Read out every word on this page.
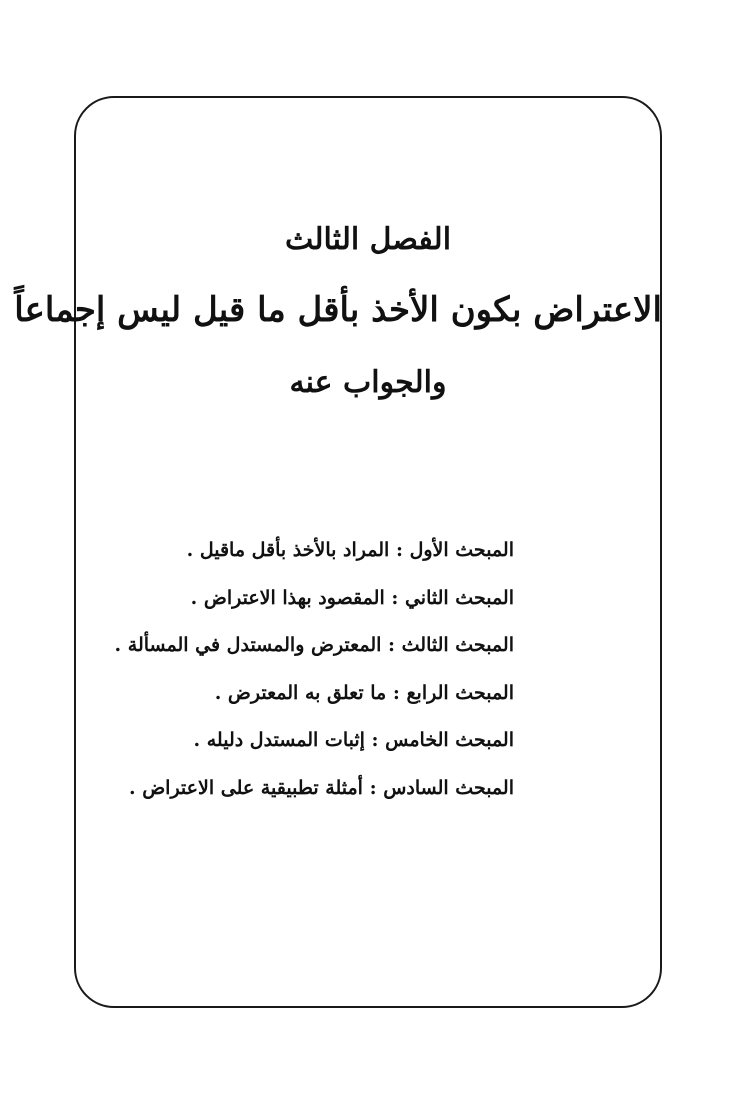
الفصل الثالث
الاعتراض بكون الأخذ بأقل ما قيل ليس إجماعاً
والجواب عنه
المبحث الأول : المراد بالأخذ بأقل ماقيل .
المبحث الثاني : المقصود بهذا الاعتراض .
المبحث الثالث : المعترض والمستدل في المسألة .
المبحث الرابع : ما تعلق به المعترض .
المبحث الخامس : إثبات المستدل دليله .
المبحث السادس : أمثلة تطبيقية على الاعتراض .
